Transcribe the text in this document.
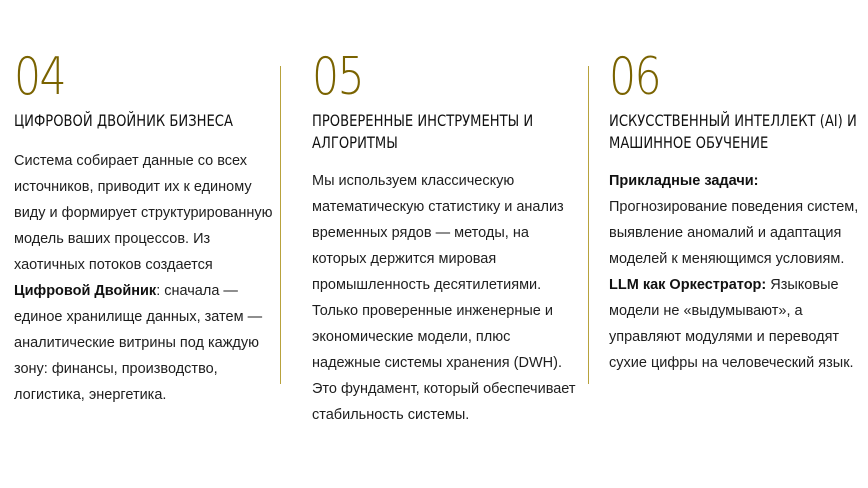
04
ЦИФРОВОЙ ДВОЙНИК БИЗНЕСА
Система собирает данные со всех источников, приводит их к единому виду и формирует структурированную модель ваших процессов. Из хаотичных потоков создается Цифровой Двойник: сначала — единое хранилище данных, затем — аналитические витрины под каждую зону: финансы, производство, логистика, энергетика.
05
ПРОВЕРЕННЫЕ ИНСТРУМЕНТЫ И АЛГОРИТМЫ
Мы используем классическую математическую статистику и анализ временных рядов — методы, на которых держится мировая промышленность десятилетиями. Только проверенные инженерные и экономические модели, плюс надежные системы хранения (DWH). Это фундамент, который обеспечивает стабильность системы.
06
ИСКУССТВЕННЫЙ ИНТЕЛЛЕКТ (AI) И МАШИННОЕ ОБУЧЕНИЕ
Прикладные задачи:
Прогнозирование поведения систем, выявление аномалий и адаптация моделей к меняющимся условиям.
LLM как Оркестратор: Языковые модели не «выдумывают», а управляют модулями и переводят сухие цифры на человеческий язык.
